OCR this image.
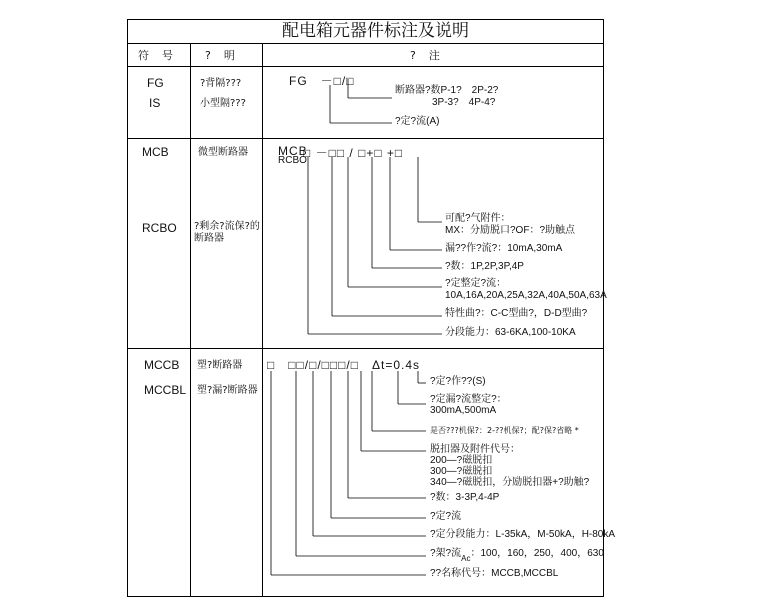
配电箱元器件标注及说明
符　号	?　明	?　注
FG
IS
?背隔???
小型隔???
FG　－□/□
断路器?数P-1?　2P-2?
3P-3?　4P-4?
?定?流(A)
MCB
RCBO
微型断路器
?剩余?流保?的
断路器
MCB
RCBO
□ －□□ / □+□ +□
可配?气附件：
MX：分励脱口?OF：?助触点
漏??作?流?：10mA,30mA
?数：1P,2P,3P,4P
?定整定?流：
10A,16A,20A,25A,32A,40A,50A,63A
特性曲?：C-C型曲?，D-D型曲?
分段能力：63-6KA,100-10KA
MCCB
MCCBL
塑?断路器
塑?漏?断路器
□　□□/□/□□□/□　Δt=0.4s
?定?作??(S)
?定漏?流整定?：
300mA,500mA
是否???机保?：2-??机保?；配?保?省略 *
脱扣器及附件代号：
200—?磁脱扣
300—?磁脱扣
340—?磁脱扣，分励脱扣器+?助触?
?数：3-3P,4-4P
?定?流
?定分段能力：L-35kA，M-50kA，H-80kA
?架?流$_{Ac}$：100，160，250，400，630
??名称代号：MCCB,MCCBL
